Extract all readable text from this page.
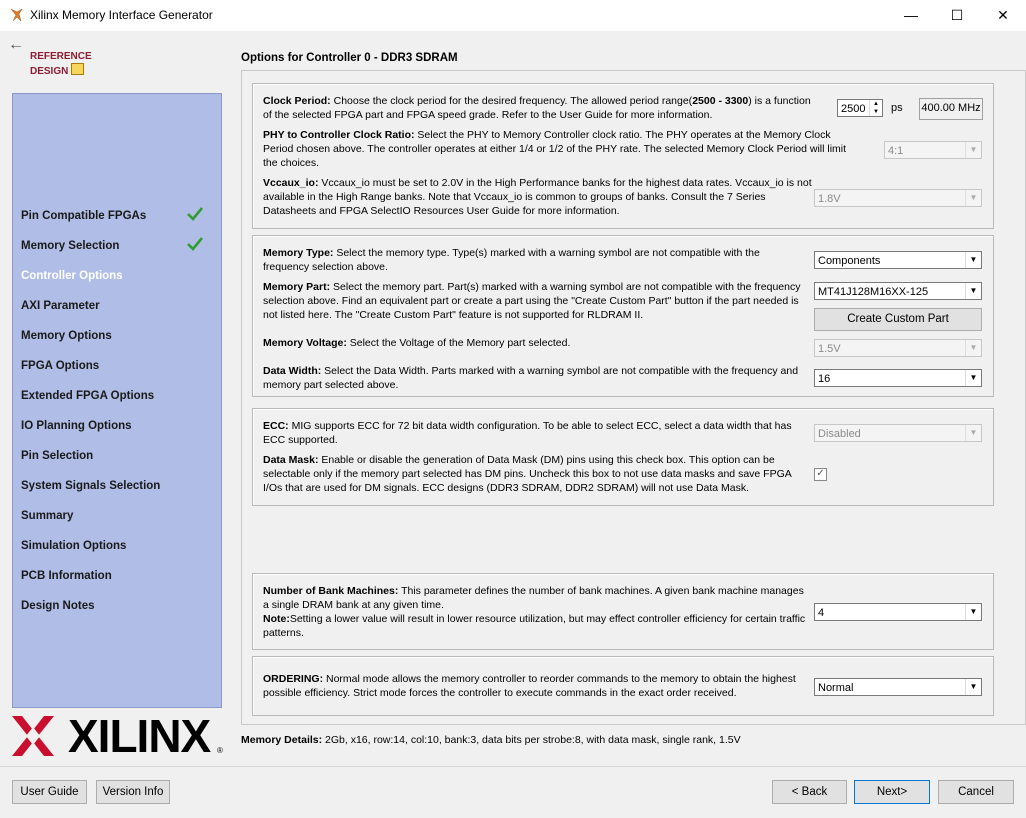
Xilinx Memory Interface Generator	—	☐	✕
←
REFERENCE
DESIGN
Pin Compatible FPGAs
Memory Selection
Controller Options
AXI Parameter
Memory Options
FPGA Options
Extended FPGA Options
IO Planning Options
Pin Selection
System Signals Selection
Summary
Simulation Options
PCB Information
Design Notes
XILINX ®
Options for Controller 0 - DDR3 SDRAM
Clock Period: Choose the clock period for the desired frequency. The allowed period range(2500 - 3300) is a function of the selected FPGA part and FPGA speed grade. Refer to the User Guide for more information.	2500	▲
▼ ps 400.00 MHz
PHY to Controller Clock Ratio: Select the PHY to Memory Controller clock ratio. The PHY operates at the Memory Clock Period chosen above. The controller operates at either 1/4 or 1/2 of the PHY rate. The selected Memory Clock Period will limit the choices.
4:1	▼
Vccaux_io: Vccaux_io must be set to 2.0V in the High Performance banks for the highest data rates. Vccaux_io is not available in the High Range banks. Note that Vccaux_io is common to groups of banks. Consult the 7 Series Datasheets and FPGA SelectIO Resources User Guide for more information.
1.8V	▼
Memory Type: Select the memory type. Type(s) marked with a warning symbol are not compatible with the frequency selection above.	Components	▼
Memory Part: Select the memory part. Part(s) marked with a warning symbol are not compatible with the frequency selection above. Find an equivalent part or create a part using the "Create Custom Part" button if the part needed is not listed here. The "Create Custom Part" feature is not supported for RLDRAM II.
MT41J128M16XX-125	▼
Create Custom Part
Memory Voltage: Select the Voltage of the Memory part selected.	1.5V	▼
Data Width: Select the Data Width. Parts marked with a warning symbol are not compatible with the frequency and memory part selected above.	16	▼
ECC: MIG supports ECC for 72 bit data width configuration. To be able to select ECC, select a data width that has ECC supported.	Disabled	▼
Data Mask: Enable or disable the generation of Data Mask (DM) pins using this check box. This option can be selectable only if the memory part selected has DM pins. Uncheck this box to not use data masks and save FPGA I/Os that are used for DM signals. ECC designs (DDR3 SDRAM, DDR2 SDRAM) will not use Data Mask.
✓
Number of Bank Machines: This parameter defines the number of bank machines. A given bank machine manages a single DRAM bank at any given time.
Note:Setting a lower value will result in lower resource utilization, but may effect controller efficiency for certain traffic patterns.
4	▼
ORDERING: Normal mode allows the memory controller to reorder commands to the memory to obtain the highest possible efficiency. Strict mode forces the controller to execute commands in the exact order received.	Normal	▼
Memory Details: 2Gb, x16, row:14, col:10, bank:3, data bits per strobe:8, with data mask, single rank, 1.5V
User Guide	Version Info	< Back	Next>	Cancel
